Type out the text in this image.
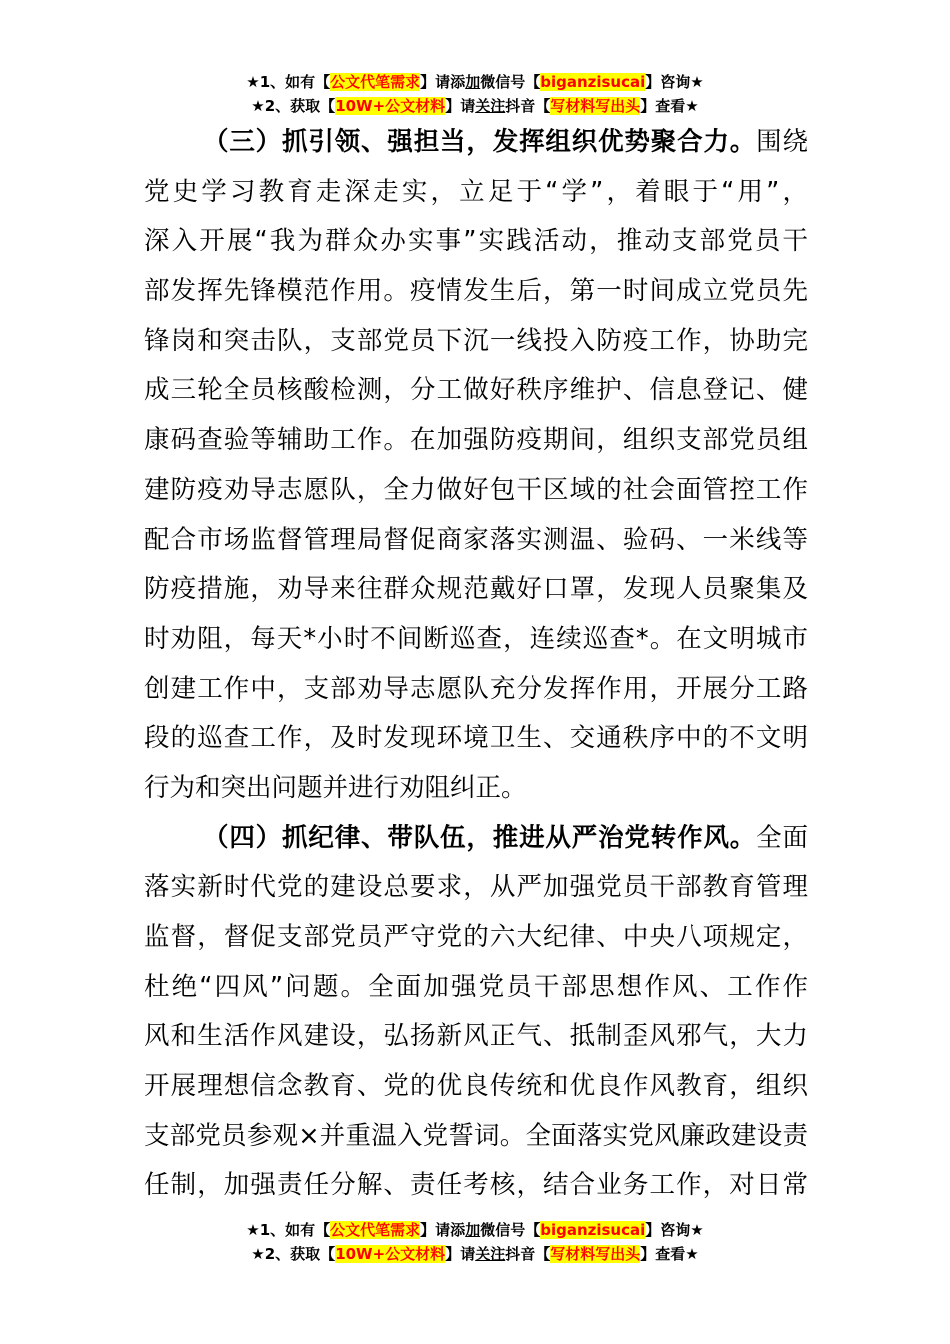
★1、如有【公文代笔需求】请添加微信号【biganzisucai】咨询★
★2、获取【10W+公文材料】请关注抖音【写材料写出头】查看★
（三）抓引领、强担当，发挥组织优势聚合力。围绕
党史学习教育走深走实，立足于“学”，着眼于“用”，
深入开展“我为群众办实事”实践活动，推动支部党员干
部发挥先锋模范作用。疫情发生后，第一时间成立党员先
锋岗和突击队，支部党员下沉一线投入防疫工作，协助完
成三轮全员核酸检测，分工做好秩序维护、信息登记、健
康码查验等辅助工作。在加强防疫期间，组织支部党员组
建防疫劝导志愿队，全力做好包干区域的社会面管控工作
配合市场监督管理局督促商家落实测温、验码、一米线等
防疫措施，劝导来往群众规范戴好口罩，发现人员聚集及
时劝阻，每天*小时不间断巡查，连续巡查*。在文明城市
创建工作中，支部劝导志愿队充分发挥作用，开展分工路
段的巡查工作，及时发现环境卫生、交通秩序中的不文明
行为和突出问题并进行劝阻纠正。
（四）抓纪律、带队伍，推进从严治党转作风。全面
落实新时代党的建设总要求，从严加强党员干部教育管理
监督，督促支部党员严守党的六大纪律、中央八项规定，
杜绝“四风”问题。全面加强党员干部思想作风、工作作
风和生活作风建设，弘扬新风正气、抵制歪风邪气，大力
开展理想信念教育、党的优良传统和优良作风教育，组织
支部党员参观×并重温入党誓词。全面落实党风廉政建设责
任制，加强责任分解、责任考核，结合业务工作，对日常
★1、如有【公文代笔需求】请添加微信号【biganzisucai】咨询★
★2、获取【10W+公文材料】请关注抖音【写材料写出头】查看★
